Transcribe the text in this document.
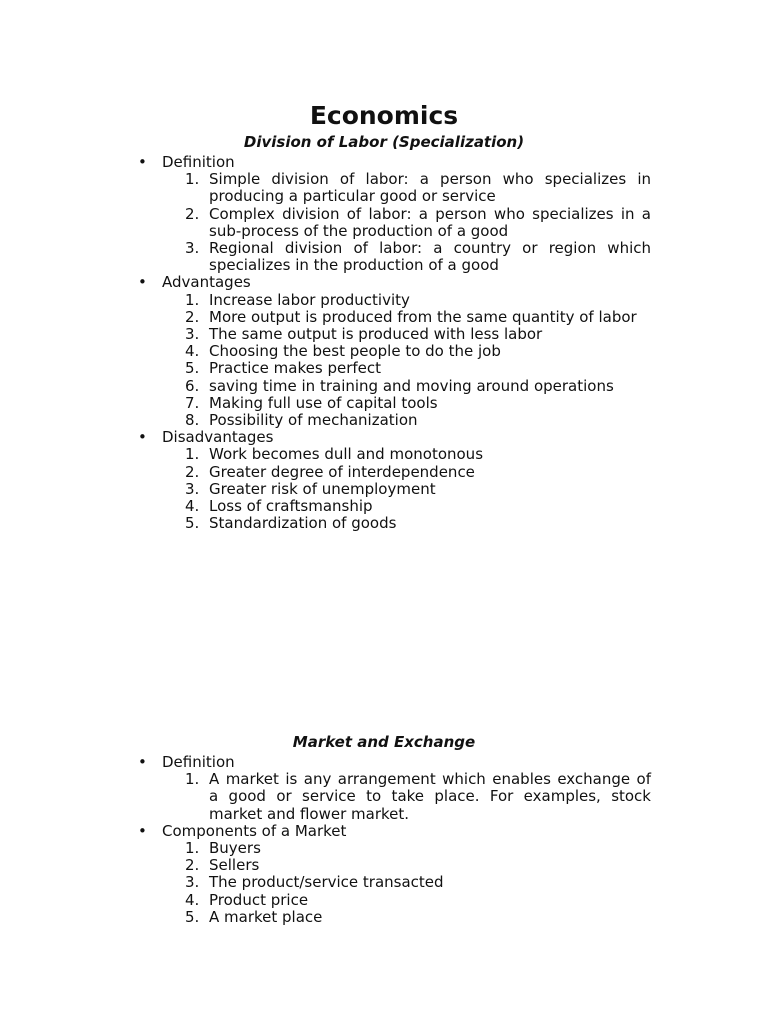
Economics
Division of Labor (Specialization)
• Definition
1. Simple division of labor: a person who specializes in producing a particular good or service
2. Complex division of labor: a person who specializes in a sub-process of the production of a good
3. Regional division of labor: a country or region which specializes in the production of a good
• Advantages
1. Increase labor productivity
2. More output is produced from the same quantity of labor
3. The same output is produced with less labor
4. Choosing the best people to do the job
5. Practice makes perfect
6. saving time in training and moving around operations
7. Making full use of capital tools
8. Possibility of mechanization
• Disadvantages
1. Work becomes dull and monotonous
2. Greater degree of interdependence
3. Greater risk of unemployment
4. Loss of craftsmanship
5. Standardization of goods
Market and Exchange
• Definition
1. A market is any arrangement which enables exchange of a good or service to take place. For examples, stock market and flower market.
• Components of a Market
1. Buyers
2. Sellers
3. The product/service transacted
4. Product price
5. A market place
